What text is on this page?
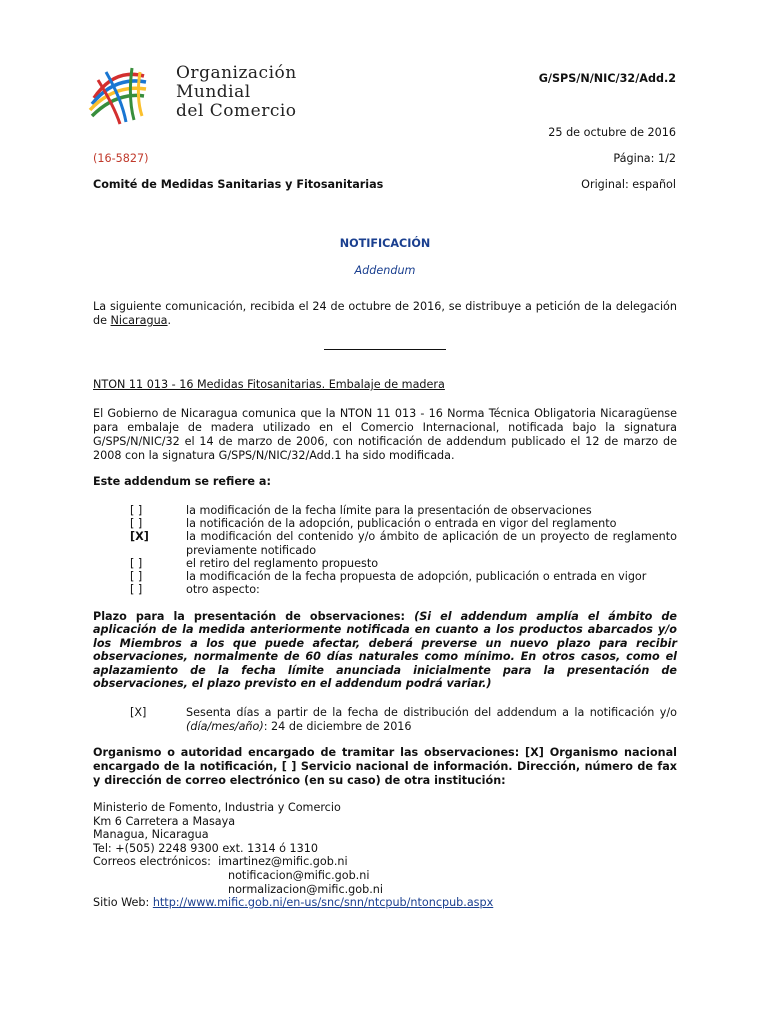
Organización
Mundial
del Comercio
G/SPS/N/NIC/32/Add.2
25 de octubre de 2016
(16-5827)	Página: 1/2
Comité de Medidas Sanitarias y Fitosanitarias	Original: español
NOTIFICACIÓN
Addendum
La siguiente comunicación, recibida el 24 de octubre de 2016, se distribuye a petición de la delegación de Nicaragua.
NTON 11 013 - 16 Medidas Fitosanitarias. Embalaje de madera
El Gobierno de Nicaragua comunica que la NTON 11 013 - 16 Norma Técnica Obligatoria Nicaragüense para embalaje de madera utilizado en el Comercio Internacional, notificada bajo la signatura G/SPS/N/NIC/32 el 14 de marzo de 2006, con notificación de addendum publicado el 12 de marzo de 2008 con la signatura G/SPS/N/NIC/32/Add.1 ha sido modificada.
Este addendum se refiere a:
[ ]	la modificación de la fecha límite para la presentación de observaciones
[ ]	la notificación de la adopción, publicación o entrada en vigor del reglamento
[X]	la modificación del contenido y/o ámbito de aplicación de un proyecto de reglamento previamente notificado
[ ]	el retiro del reglamento propuesto
[ ]	la modificación de la fecha propuesta de adopción, publicación o entrada en vigor
[ ]	otro aspecto:
Plazo para la presentación de observaciones: (Si el addendum amplía el ámbito de aplicación de la medida anteriormente notificada en cuanto a los productos abarcados y/o los Miembros a los que puede afectar, deberá preverse un nuevo plazo para recibir observaciones, normalmente de 60 días naturales como mínimo. En otros casos, como el aplazamiento de la fecha límite anunciada inicialmente para la presentación de observaciones, el plazo previsto en el addendum podrá variar.)
[X]	Sesenta días a partir de la fecha de distribución del addendum a la notificación y/o (día/mes/año): 24 de diciembre de 2016
Organismo o autoridad encargado de tramitar las observaciones: [X] Organismo nacional encargado de la notificación, [ ] Servicio nacional de información. Dirección, número de fax y dirección de correo electrónico (en su caso) de otra institución:
Ministerio de Fomento, Industria y Comercio
Km 6 Carretera a Masaya
Managua, Nicaragua
Tel: +(505) 2248 9300 ext. 1314 ó 1310
Correos electrónicos: imartinez@mific.gob.ni
notificacion@mific.gob.ni
normalizacion@mific.gob.ni
Sitio Web: http://www.mific.gob.ni/en-us/snc/snn/ntcpub/ntoncpub.aspx
